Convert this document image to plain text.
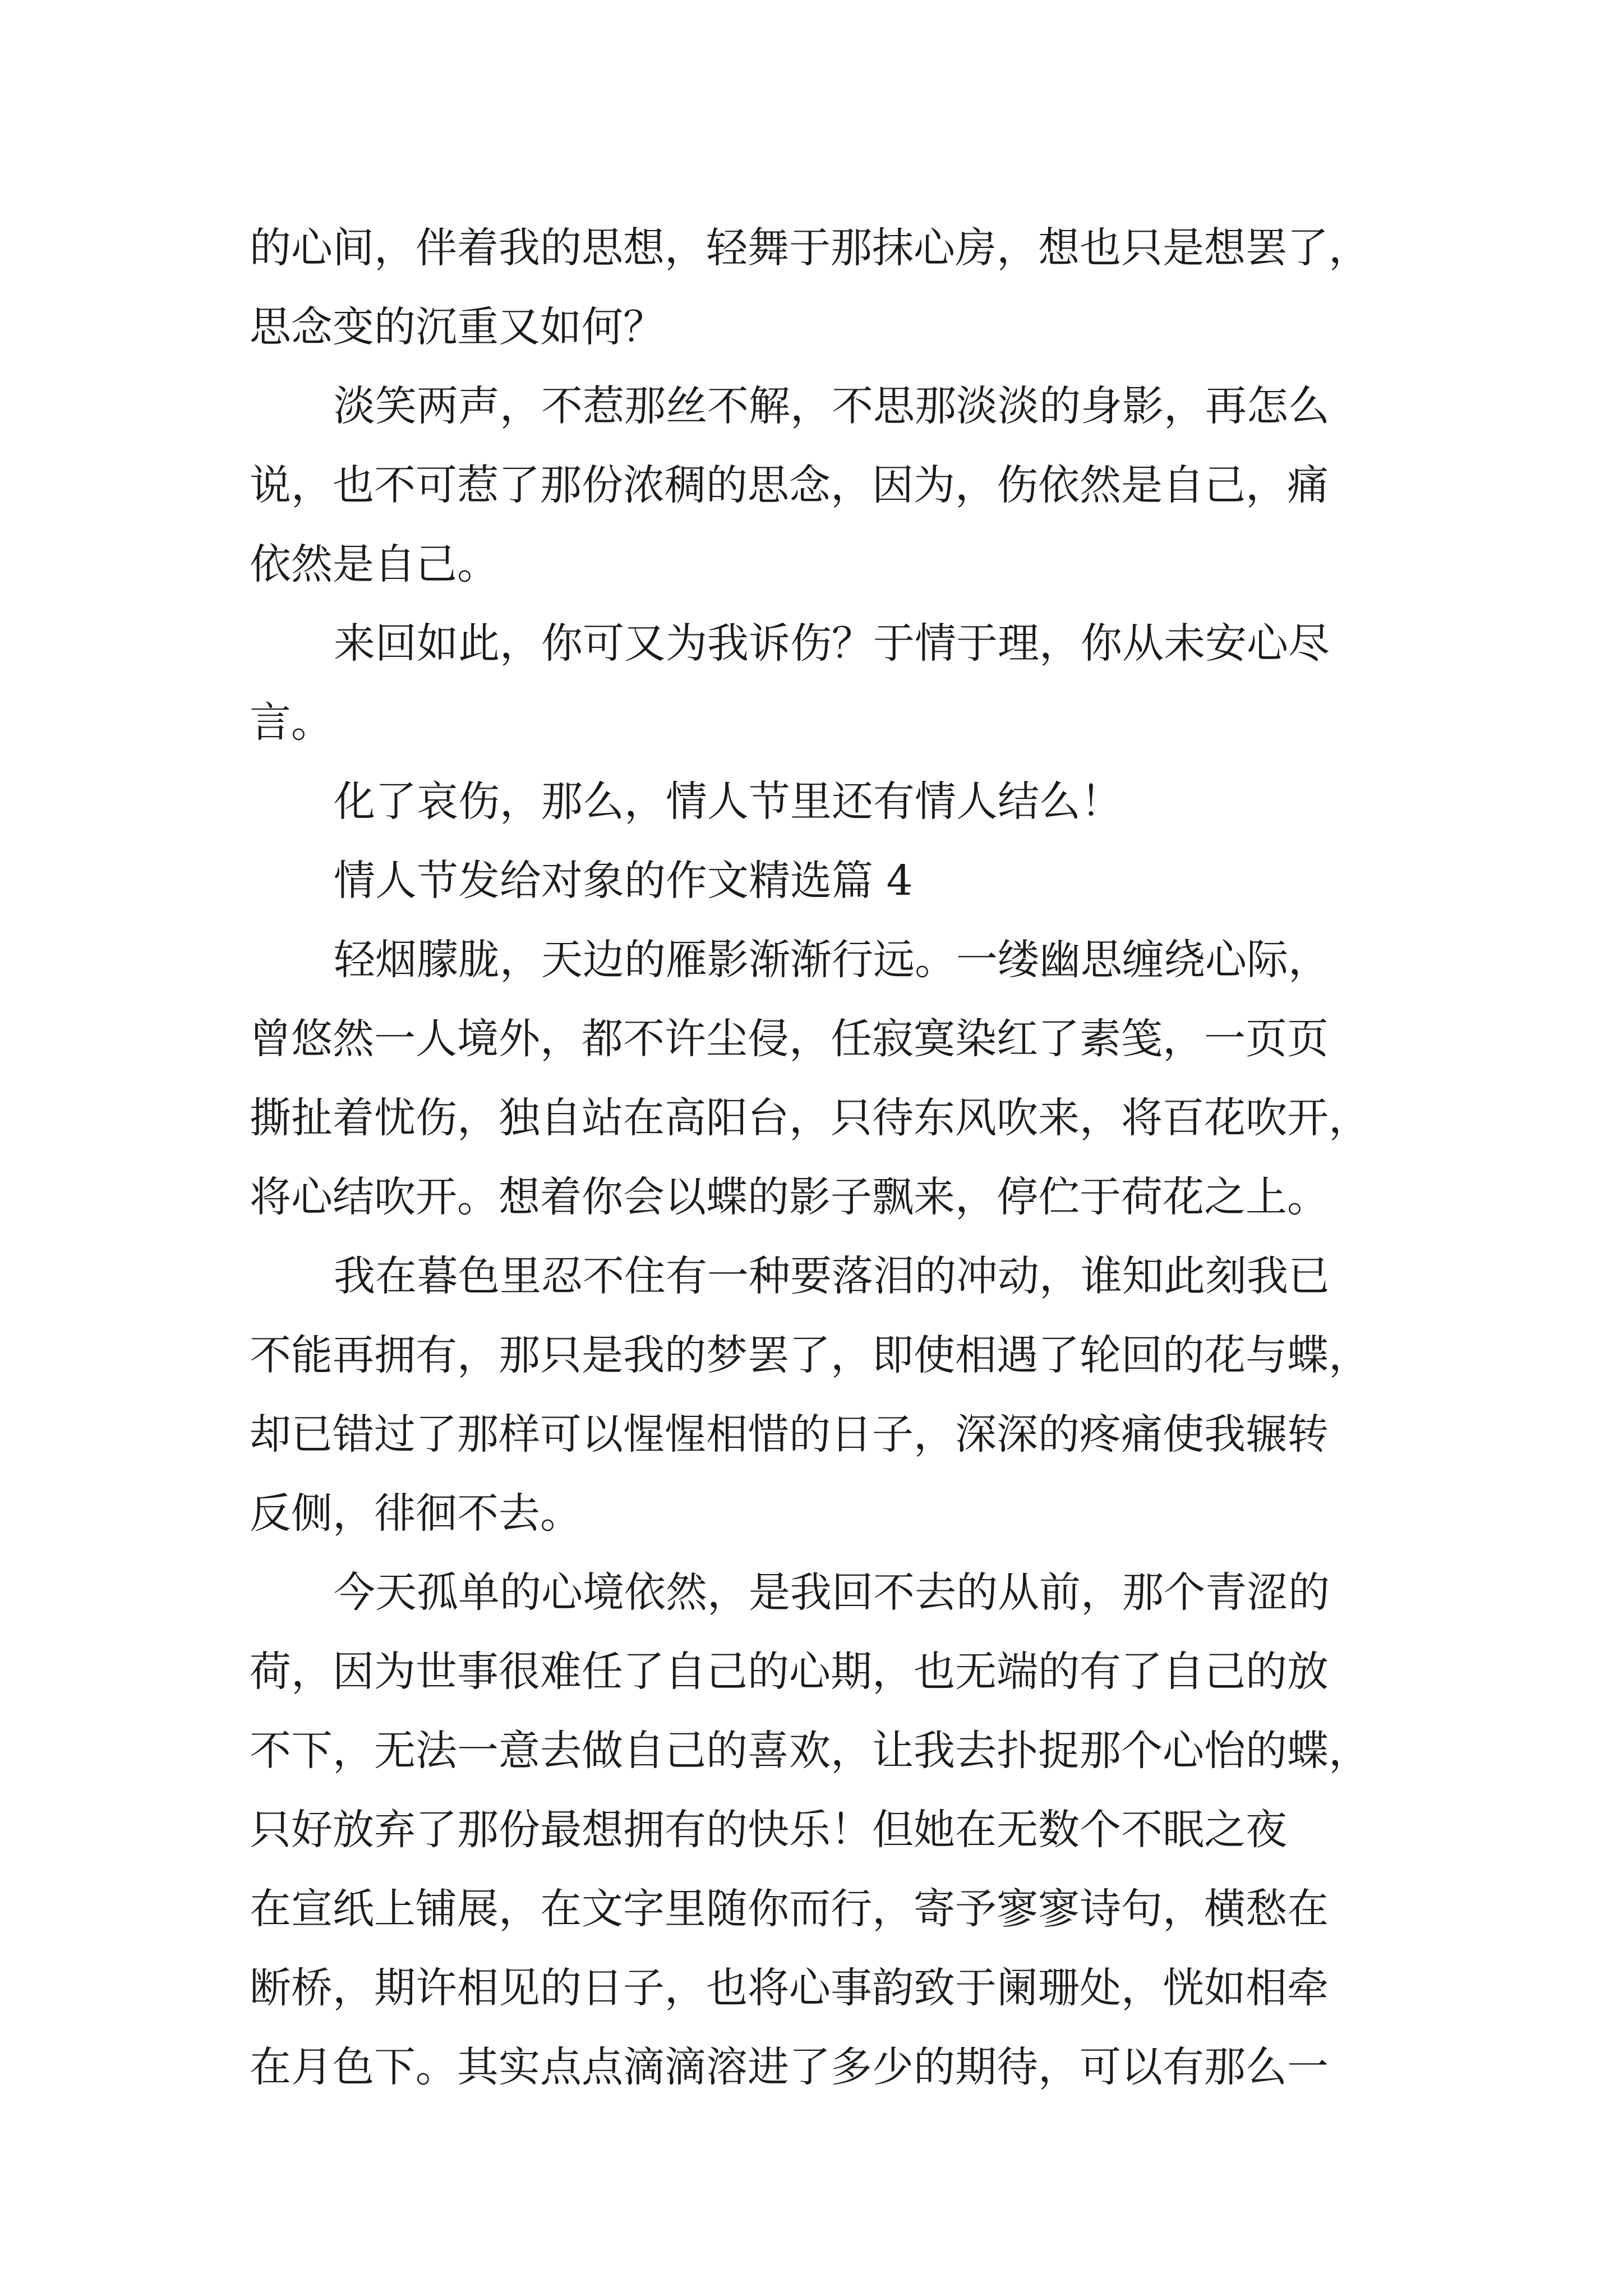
的心间，伴着我的思想，轻舞于那抹心房，想也只是想罢了，
思念变的沉重又如何？
淡笑两声，不惹那丝不解，不思那淡淡的身影，再怎么
说，也不可惹了那份浓稠的思念，因为，伤依然是自己，痛
依然是自己。
来回如此，你可又为我诉伤？于情于理，你从未安心尽
言。
化了哀伤，那么，情人节里还有情人结么！
情人节发给对象的作文精选篇 4
轻烟朦胧，天边的雁影渐渐行远。一缕幽思缠绕心际，
曾悠然一人境外，都不许尘侵，任寂寞染红了素笺，一页页
撕扯着忧伤，独自站在高阳台，只待东风吹来，将百花吹开，
将心结吹开。想着你会以蝶的影子飘来，停伫于荷花之上。
我在暮色里忍不住有一种要落泪的冲动，谁知此刻我已
不能再拥有，那只是我的梦罢了，即使相遇了轮回的花与蝶，
却已错过了那样可以惺惺相惜的日子，深深的疼痛使我辗转
反侧，徘徊不去。
今天孤单的心境依然，是我回不去的从前，那个青涩的
荷，因为世事很难任了自己的心期，也无端的有了自己的放
不下，无法一意去做自己的喜欢，让我去扑捉那个心怡的蝶，
只好放弃了那份最想拥有的快乐！但她在无数个不眠之夜
在宣纸上铺展，在文字里随你而行，寄予寥寥诗句，横愁在
断桥，期许相见的日子，也将心事韵致于阑珊处，恍如相牵
在月色下。其实点点滴滴溶进了多少的期待，可以有那么一
